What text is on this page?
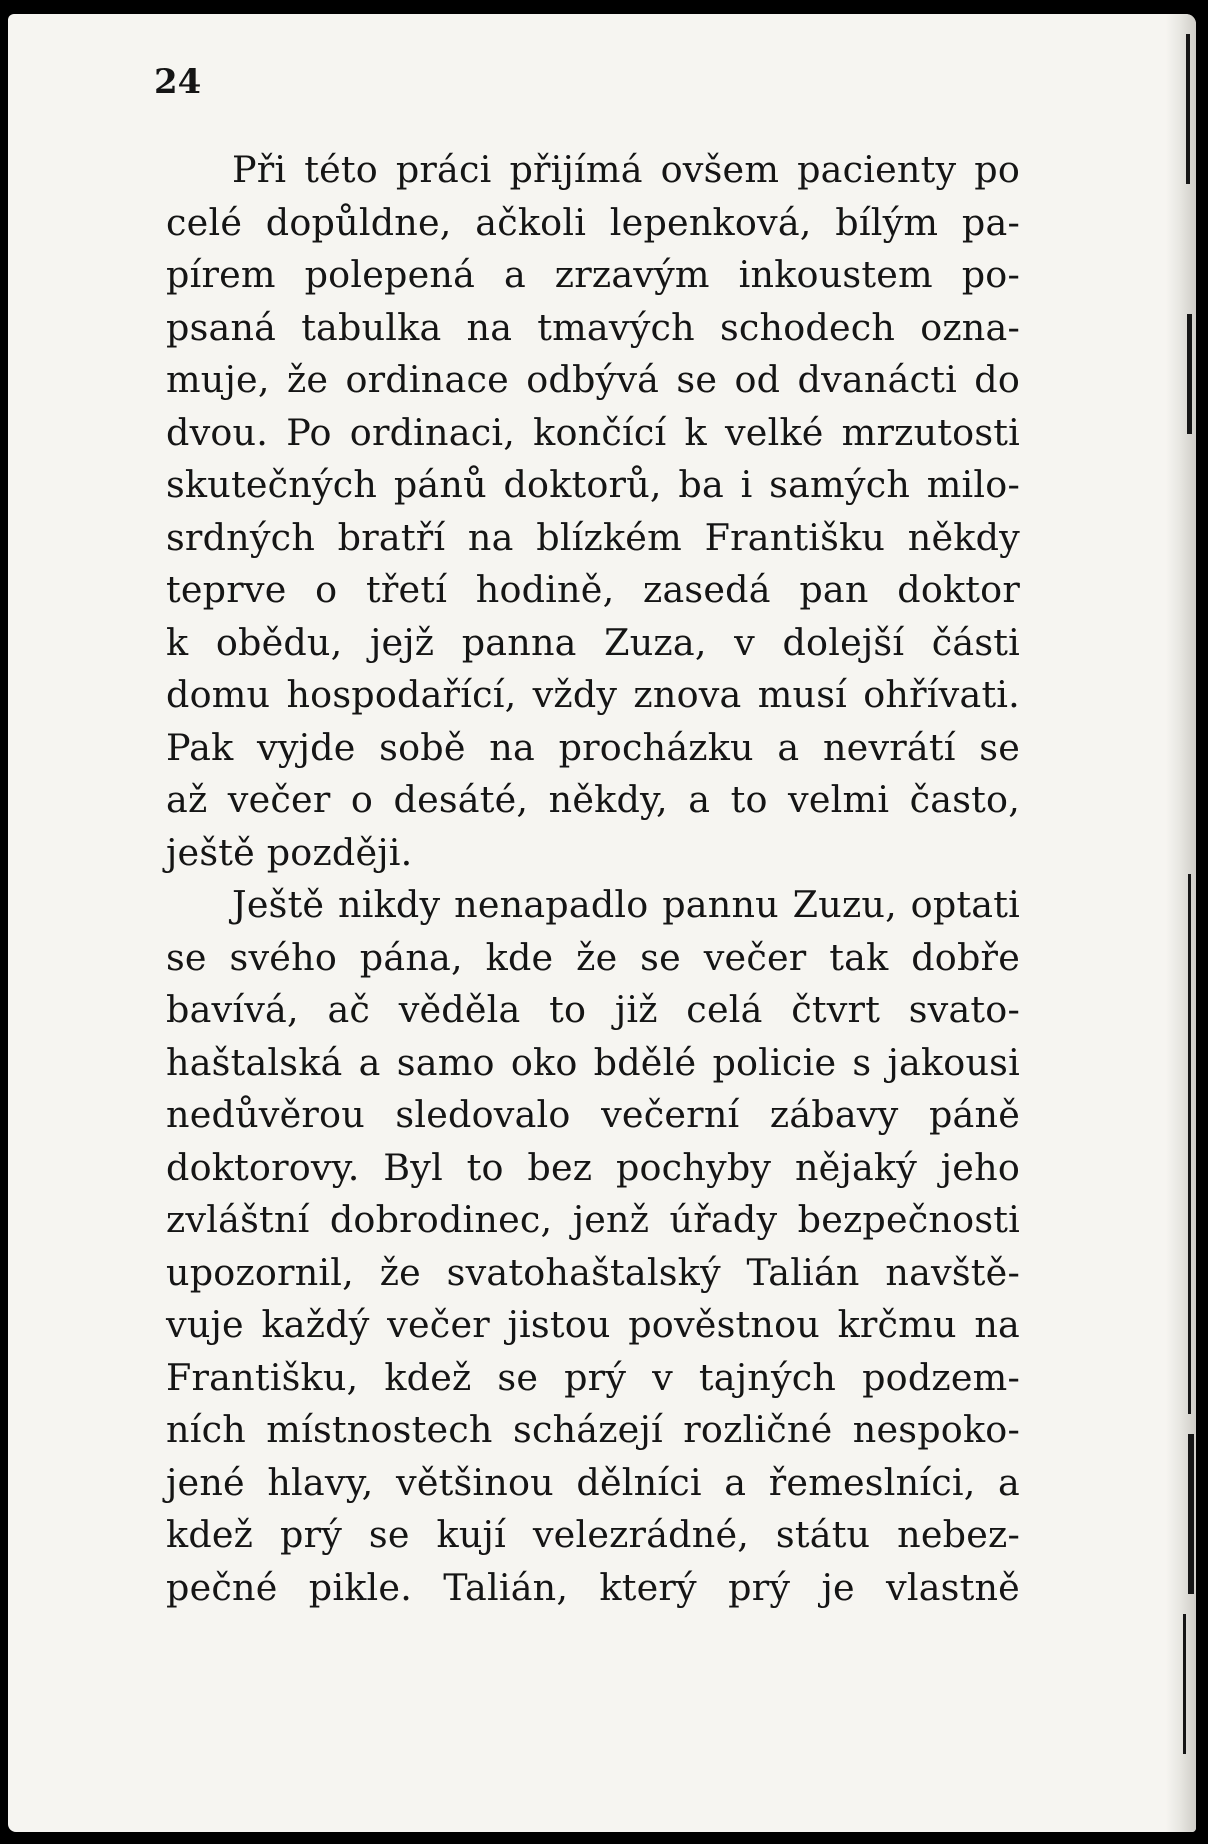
24

Při této práci přijímá ovšem pacienty po
celé dopůldne, ačkoli lepenková, bílým pa-
pírem polepená a zrzavým inkoustem po-
psaná tabulka na tmavých schodech ozna-
muje, že ordinace odbývá se od dvanácti do
dvou. Po ordinaci, končící k velké mrzutosti
skutečných pánů doktorů, ba i samých milo-
srdných bratří na blízkém Františku někdy
teprve o třetí hodině, zasedá pan doktor
k obědu, jejž panna Zuza, v dolejší části
domu hospodařící, vždy znova musí ohřívati.
Pak vyjde sobě na procházku a nevrátí se
až večer o desáté, někdy, a to velmi často,
ještě později.

Ještě nikdy nenapadlo pannu Zuzu, optati
se svého pána, kde že se večer tak dobře
bavívá, ač věděla to již celá čtvrt svato-
haštalská a samo oko bdělé policie s jakousi
nedůvěrou sledovalo večerní zábavy páně
doktorovy. Byl to bez pochyby nějaký jeho
zvláštní dobrodinec, jenž úřady bezpečnosti
upozornil, že svatohaštalský Talián navště-
vuje každý večer jistou pověstnou krčmu na
Františku, kdež se prý v tajných podzem-
ních místnostech scházejí rozličné nespoko-
jené hlavy, většinou dělníci a řemeslníci, a
kdež prý se kují velezrádné, státu nebez-
pečné pikle. Talián, který prý je vlastně
